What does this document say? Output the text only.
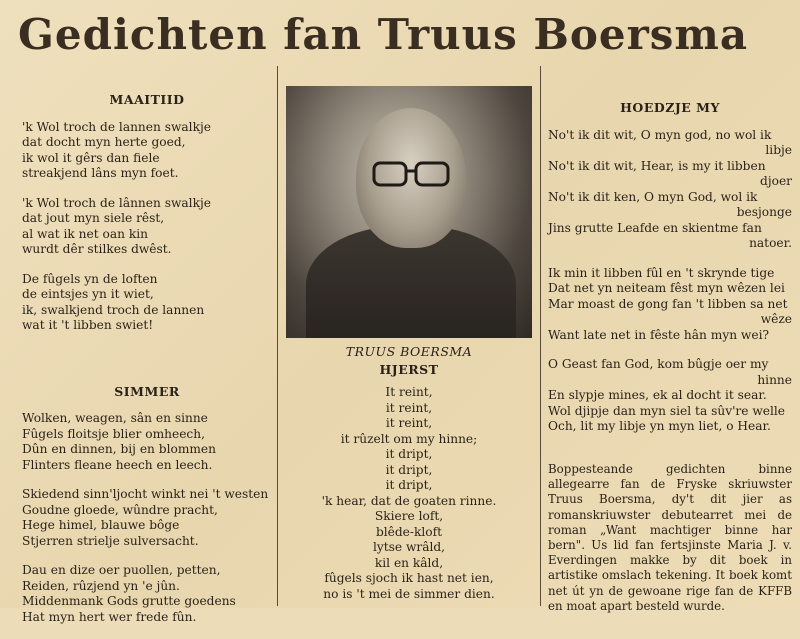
Gedichten fan Truus Boersma
MAAITIID
'k Wol troch de lannen swalkje
dat docht myn herte goed,
ik wol it gêrs dan fiele
streakjend lâns myn foet.
'k Wol troch de lânnen swalkje
dat jout myn siele rêst,
al wat ik net oan kin
wurdt dêr stilkes dwêst.
De fûgels yn de loften
de eintsjes yn it wiet,
ik, swalkjend troch de lannen
wat it 't libben swiet!
SIMMER
Wolken, weagen, sân en sinne
Fûgels floitsje blier omheech,
Dûn en dinnen, bij en blommen
Flinters fleane heech en leech.
Skiedend sinn'ljocht winkt nei 't westen
Goudne gloede, wûndre pracht,
Hege himel, blauwe bôge
Stjerren strielje sulversacht.
Dau en dize oer puollen, petten,
Reiden, rûzjend yn 'e jûn.
Middenmank Gods grutte goedens
Hat myn hert wer frede fûn.
TRUUS BOERSMA
HJERST
It reint,
it reint,
it reint,
it rûzelt om my hinne;
it dript,
it dript,
it dript,
'k hear, dat de goaten rinne.
Skiere loft,
blêde-kloft
lytse wrâld,
kil en kâld,
fûgels sjoch ik hast net ien,
no is 't mei de simmer dien.
HOEDZJE MY
No't ik dit wit, O myn god, no wol ik
libje
No't ik dit wit, Hear, is my it libben
djoer
No't ik dit ken, O myn God, wol ik
besjonge
Jins grutte Leafde en skientme fan
natoer.
Ik min it libben fûl en 't skrynde tige
Dat net yn neiteam fêst myn wêzen lei
Mar moast de gong fan 't libben sa net
wêze
Want late net in fêste hân myn wei?
O Geast fan God, kom bûgje oer my
hinne
En slypje mines, ek al docht it sear.
Wol djipje dan myn siel ta sûv're welle
Och, lit my libje yn myn liet, o Hear.
Boppesteande gedichten binne allegearre fan de Fryske skriuwster Truus Boersma, dy't dit jier as romanskriuwster debutearret mei de roman „Want machtiger binne har bern". Us lid fan fertsjinste Maria J. v. Everdingen makke by dit boek in artistike omslach tekening. It boek komt net út yn de gewoane rige fan de KFFB en moat apart besteld wurde.
